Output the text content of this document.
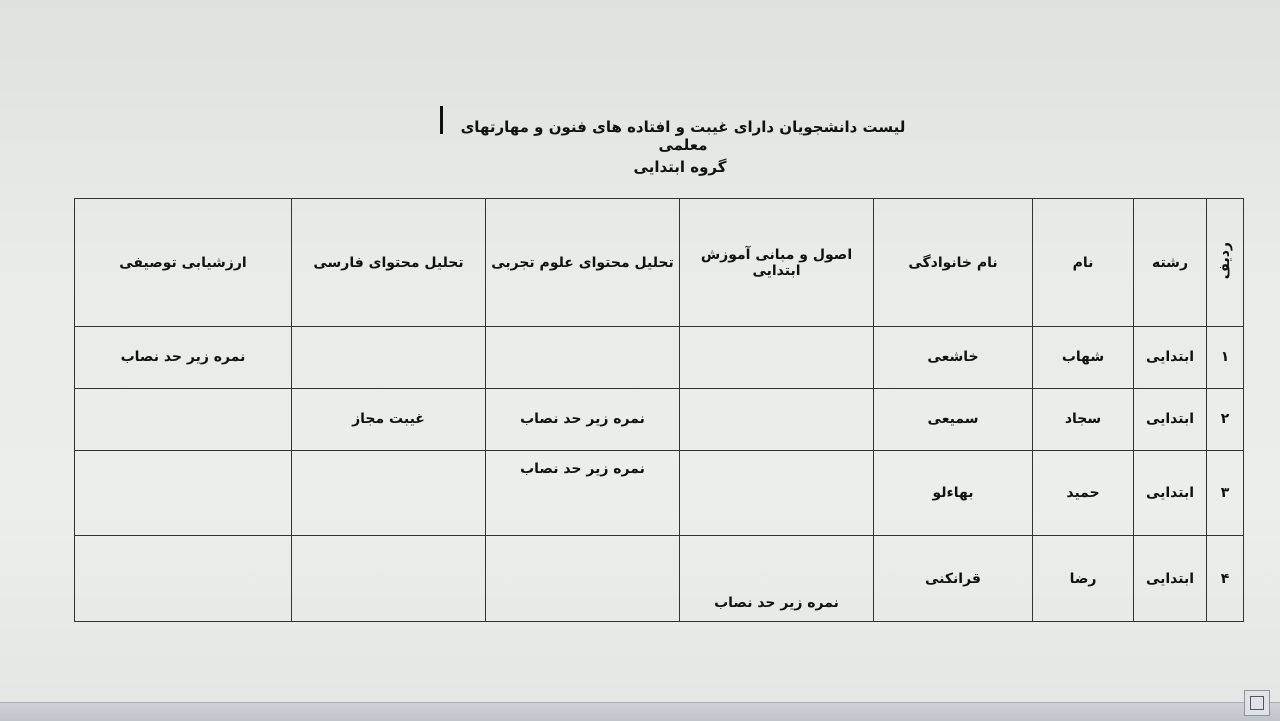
لیست دانشجویان دارای غیبت و افتاده های فنون و مهارتهای معلمی
گروه ابتدایی
ردیف	رشته	نام	نام خانوادگی	اصول و مبانی آموزش ابتدایی	تحلیل محتوای علوم تجربی	تحلیل محتوای فارسی	ارزشیابی توصیفی
۱	ابتدایی	شهاب	خاشعی				نمره زیر حد نصاب
۲	ابتدایی	سجاد	سمیعی		نمره زیر حد نصاب	غیبت مجاز	
۳	ابتدایی	حمید	بهاءلو		نمره زیر حد نصاب		
۴	ابتدایی	رضا	قرانکنی	نمره زیر حد نصاب			
